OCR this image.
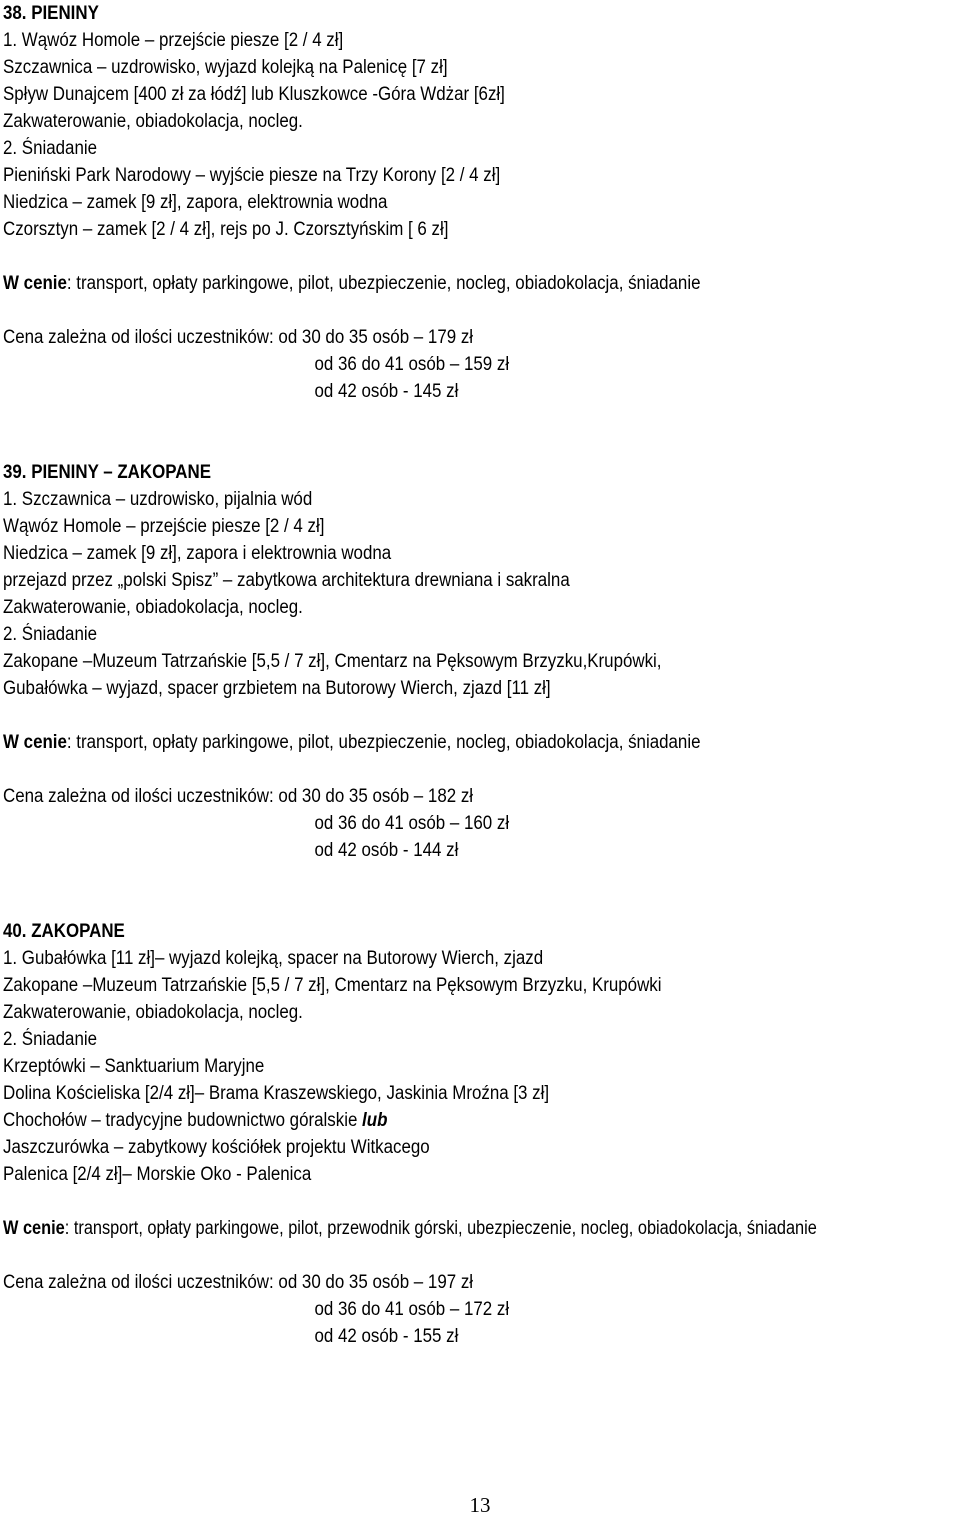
38. PIENINY
1. Wąwóz Homole – przejście piesze [2 / 4 zł]
Szczawnica – uzdrowisko, wyjazd kolejką na Palenicę [7 zł]
Spływ Dunajcem [400 zł za łódź] lub Kluszkowce -Góra Wdżar [6zł]
Zakwaterowanie, obiadokolacja, nocleg.
2. Śniadanie
Pieniński Park Narodowy – wyjście piesze na Trzy Korony [2 / 4 zł]
Niedzica – zamek [9 zł], zapora, elektrownia wodna
Czorsztyn – zamek [2 / 4 zł], rejs po J. Czorsztyńskim [ 6 zł]
W cenie: transport, opłaty parkingowe, pilot, ubezpieczenie, nocleg, obiadokolacja, śniadanie
Cena zależna od ilości uczestników: od 30 do 35 osób – 179 zł
od 36 do 41 osób – 159 zł
od 42 osób - 145 zł
39. PIENINY – ZAKOPANE
1. Szczawnica – uzdrowisko, pijalnia wód
Wąwóz Homole – przejście piesze [2 / 4 zł]
Niedzica – zamek [9 zł], zapora i elektrownia wodna
przejazd przez „polski Spisz” – zabytkowa architektura drewniana i sakralna
Zakwaterowanie, obiadokolacja, nocleg.
2. Śniadanie
Zakopane –Muzeum Tatrzańskie [5,5 / 7 zł], Cmentarz na Pęksowym Brzyzku,Krupówki,
Gubałówka – wyjazd, spacer grzbietem na Butorowy Wierch, zjazd [11 zł]
W cenie: transport, opłaty parkingowe, pilot, ubezpieczenie, nocleg, obiadokolacja, śniadanie
Cena zależna od ilości uczestników: od 30 do 35 osób – 182 zł
od 36 do 41 osób – 160 zł
od 42 osób - 144 zł
40. ZAKOPANE
1. Gubałówka [11 zł]– wyjazd kolejką, spacer na Butorowy Wierch, zjazd
Zakopane –Muzeum Tatrzańskie [5,5 / 7 zł], Cmentarz na Pęksowym Brzyzku, Krupówki
Zakwaterowanie, obiadokolacja, nocleg.
2. Śniadanie
Krzeptówki – Sanktuarium Maryjne
Dolina Kościeliska [2/4 zł]– Brama Kraszewskiego, Jaskinia Mroźna [3 zł]
Chochołów – tradycyjne budownictwo góralskie lub
Jaszczurówka – zabytkowy kościółek projektu Witkacego
Palenica [2/4 zł]– Morskie Oko - Palenica
W cenie: transport, opłaty parkingowe, pilot, przewodnik górski, ubezpieczenie, nocleg, obiadokolacja, śniadanie
Cena zależna od ilości uczestników: od 30 do 35 osób – 197 zł
od 36 do 41 osób – 172 zł
od 42 osób - 155 zł
13
